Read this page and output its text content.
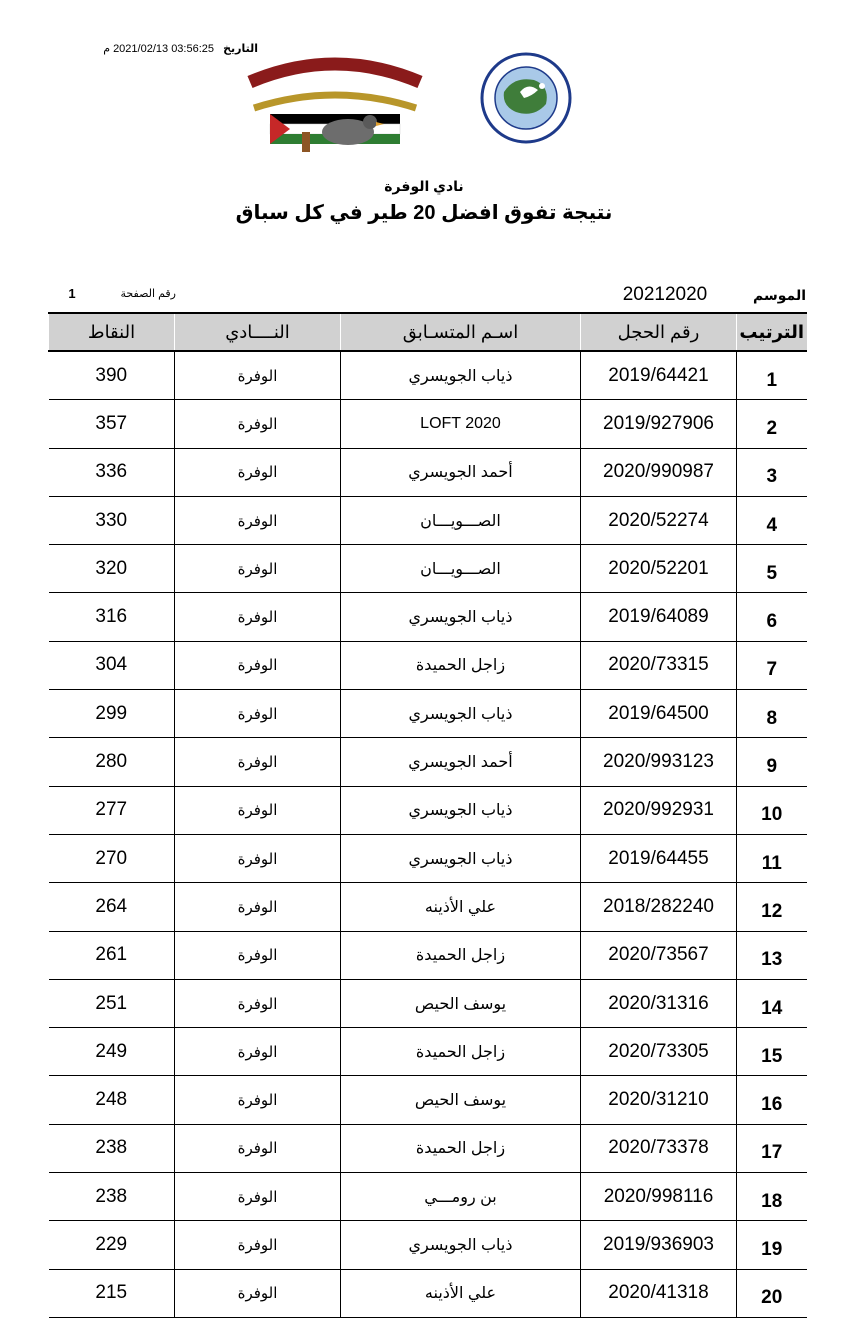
التاريخ 03:56:25 2021/02/13 م
نادي الوفرة
نتيجة تفوق افضل 20 طير في كل سباق
الموسم
20212020
رقم الصفحة
1
الترتيب	رقم الحجل	اسـم المتسـابق	النــــادي	النقاط
1	2019/64421	ذياب الجويسري	الوفرة	390
2	2019/927906	LOFT 2020	الوفرة	357
3	2020/990987	أحمد الجويسري	الوفرة	336
4	2020/52274	الصـــويـــان	الوفرة	330
5	2020/52201	الصـــويـــان	الوفرة	320
6	2019/64089	ذياب الجويسري	الوفرة	316
7	2020/73315	زاجل الحميدة	الوفرة	304
8	2019/64500	ذياب الجويسري	الوفرة	299
9	2020/993123	أحمد الجويسري	الوفرة	280
10	2020/992931	ذياب الجويسري	الوفرة	277
11	2019/64455	ذياب الجويسري	الوفرة	270
12	2018/282240	علي الأذينه	الوفرة	264
13	2020/73567	زاجل الحميدة	الوفرة	261
14	2020/31316	يوسف الحيص	الوفرة	251
15	2020/73305	زاجل الحميدة	الوفرة	249
16	2020/31210	يوسف الحيص	الوفرة	248
17	2020/73378	زاجل الحميدة	الوفرة	238
18	2020/998116	بن رومـــي	الوفرة	238
19	2019/936903	ذياب الجويسري	الوفرة	229
20	2020/41318	علي الأذينه	الوفرة	215
